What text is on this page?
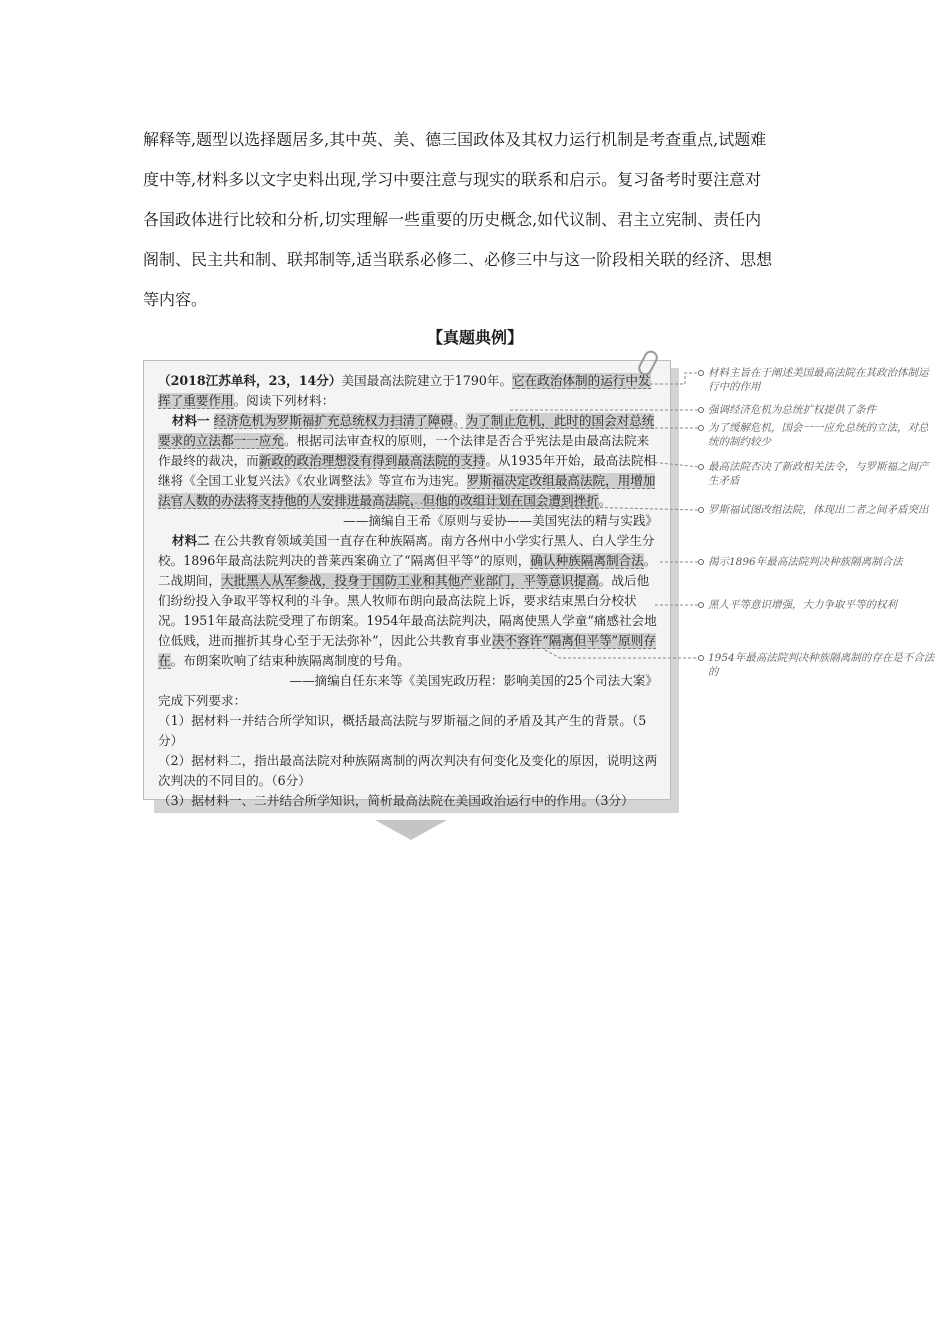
解释等,题型以选择题居多,其中英、美、德三国政体及其权力运行机制是考查重点,试题难

度中等,材料多以文字史料出现,学习中要注意与现实的联系和启示。复习备考时要注意对

各国政体进行比较和分析,切实理解一些重要的历史概念,如代议制、君主立宪制、责任内

阁制、民主共和制、联邦制等,适当联系必修二、必修三中与这一阶段相关联的经济、思想

等内容。

【真题典例】

（2018江苏单科，23，14分）美国最高法院建立于1790年。它在政治体制的运行中发挥了重要作用。阅读下列材料：

材料一 经济危机为罗斯福扩充总统权力扫清了障碍。为了制止危机，此时的国会对总统要求的立法都一一应允。根据司法审查权的原则，一个法律是否合乎宪法是由最高法院来作最终的裁决，而新政的政治理想没有得到最高法院的支持。从1935年开始，最高法院相继将《全国工业复兴法》《农业调整法》等宣布为违宪。罗斯福决定改组最高法院，用增加法官人数的办法将支持他的人安排进最高法院，但他的改组计划在国会遭到挫折。

——摘编自王希《原则与妥协——美国宪法的精与实践》

材料二 在公共教育领域美国一直存在种族隔离。南方各州中小学实行黑人、白人学生分校。1896年最高法院判决的普莱西案确立了“隔离但平等”的原则，确认种族隔离制合法。二战期间，大批黑人从军参战，投身于国防工业和其他产业部门，平等意识提高。战后他们纷纷投入争取平等权利的斗争。黑人牧师布朗向最高法院上诉，要求结束黑白分校状况。1951年最高法院受理了布朗案。1954年最高法院判决，隔离使黑人学童“痛感社会地位低贱，进而摧折其身心至于无法弥补”，因此公共教育事业决不容许“隔离但平等”原则存在。布朗案吹响了结束种族隔离制度的号角。

——摘编自任东来等《美国宪政历程：影响美国的25个司法大案》

完成下列要求：

（1）据材料一并结合所学知识，概括最高法院与罗斯福之间的矛盾及其产生的背景。（5分）

（2）据材料二，指出最高法院对种族隔离制的两次判决有何变化及变化的原因，说明这两次判决的不同目的。（6分）

（3）据材料一、二并结合所学知识，简析最高法院在美国政治运行中的作用。（3分）

材料主旨在于阐述美国最高法院在其政治体制运行中的作用
强调经济危机为总统扩权提供了条件
为了缓解危机，国会一一应允总统的立法，对总统的制约较少
最高法院否决了新政相关法令，与罗斯福之间产生矛盾
罗斯福试图改组法院，体现出二者之间矛盾突出
揭示1896年最高法院判决种族隔离制合法
黑人平等意识增强，大力争取平等的权利
1954年最高法院判决种族隔离制的存在是不合法的
